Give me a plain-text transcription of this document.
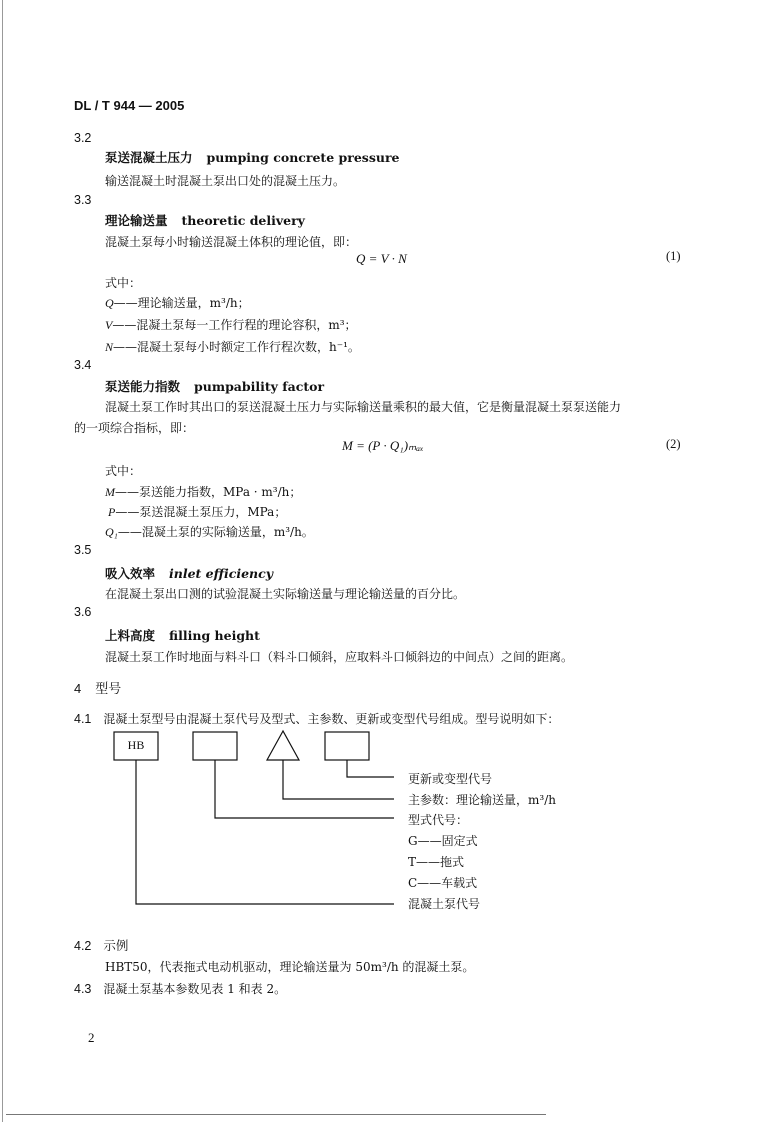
DL / T 944 — 2005
3.2
泵送混凝土压力 pumping concrete pressure
输送混凝土时混凝土泵出口处的混凝土压力。
3.3
理论输送量 theoretic delivery
混凝土泵每小时输送混凝土体积的理论值，即：
Q = V · N	(1)
式中：
Q——理论输送量，m³/h；
V——混凝土泵每一工作行程的理论容积，m³；
N——混凝土泵每小时额定工作行程次数，h⁻¹。
3.4
泵送能力指数 pumpability factor
混凝土泵工作时其出口的泵送混凝土压力与实际输送量乘积的最大值，它是衡量混凝土泵泵送能力
的一项综合指标，即：
M = (P · Q₁)ₘₐₓ	(2)
式中：
M——泵送能力指数，MPa · m³/h；
P——泵送混凝土泵压力，MPa；
Q₁——混凝土泵的实际输送量，m³/h。
3.5
吸入效率 inlet efficiency
在混凝土泵出口测的试验混凝土实际输送量与理论输送量的百分比。
3.6
上料高度 filling height
混凝土泵工作时地面与料斗口（料斗口倾斜，应取料斗口倾斜边的中间点）之间的距离。
4 型号
4.1 混凝土泵型号由混凝土泵代号及型式、主参数、更新或变型代号组成。型号说明如下：
HB
更新或变型代号
主参数：理论输送量，m³/h
型式代号：
G——固定式
T——拖式
C——车载式
混凝土泵代号
4.2 示例
HBT50，代表拖式电动机驱动，理论输送量为 50m³/h 的混凝土泵。
4.3 混凝土泵基本参数见表 1 和表 2。
2
